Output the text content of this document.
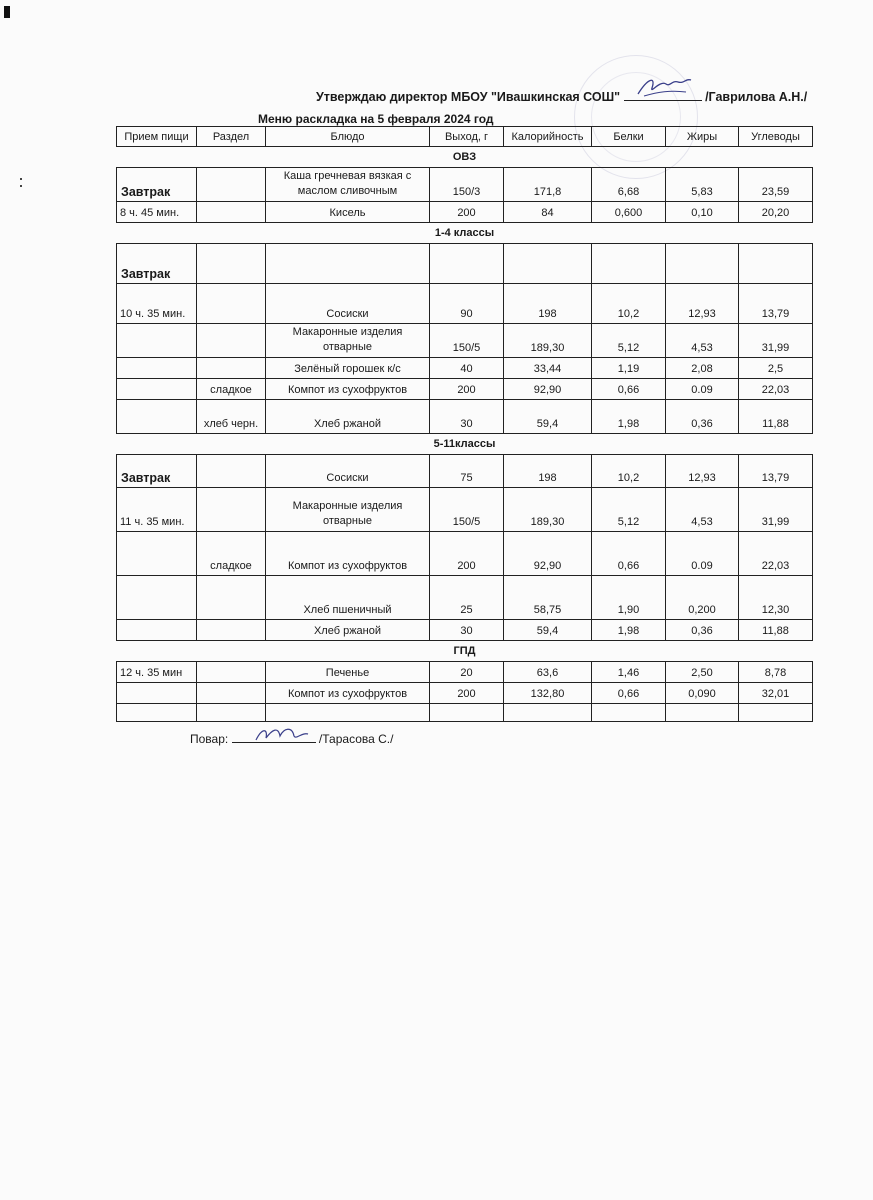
Утверждаю директор МБОУ "Ивашкинская СОШ"	/Гаврилова А.Н./
Меню раскладка на 5 февраля 2024 год
Прием пищи	Раздел	Блюдо	Выход, г	Калорийность	Белки	Жиры	Углеводы
ОВЗ							
Завтрак		Каша гречневая вязкая с маслом сливочным	150/3	171,8	6,68	5,83	23,59
8 ч. 45 мин.		Кисель	200	84	0,600	0,10	20,20
1-4 классы							
Завтрак							
10 ч. 35 мин.		Сосиски	90	198	10,2	12,93	13,79
		Макаронные изделия отварные	150/5	189,30	5,12	4,53	31,99
		Зелёный горошек к/с	40	33,44	1,19	2,08	2,5
	сладкое	Компот из сухофруктов	200	92,90	0,66	0.09	22,03
	хлеб черн.	Хлеб ржаной	30	59,4	1,98	0,36	11,88
5-11классы							
Завтрак		Сосиски	75	198	10,2	12,93	13,79
11 ч. 35 мин.		Макаронные изделия отварные	150/5	189,30	5,12	4,53	31,99
	сладкое	Компот из сухофруктов	200	92,90	0,66	0.09	22,03
		Хлеб пшеничный	25	58,75	1,90	0,200	12,30
		Хлеб ржаной	30	59,4	1,98	0,36	11,88
ГПД							
12 ч. 35 мин		Печенье	20	63,6	1,46	2,50	8,78
		Компот из сухофруктов	200	132,80	0,66	0,090	32,01

Повар:	/Тарасова С./
